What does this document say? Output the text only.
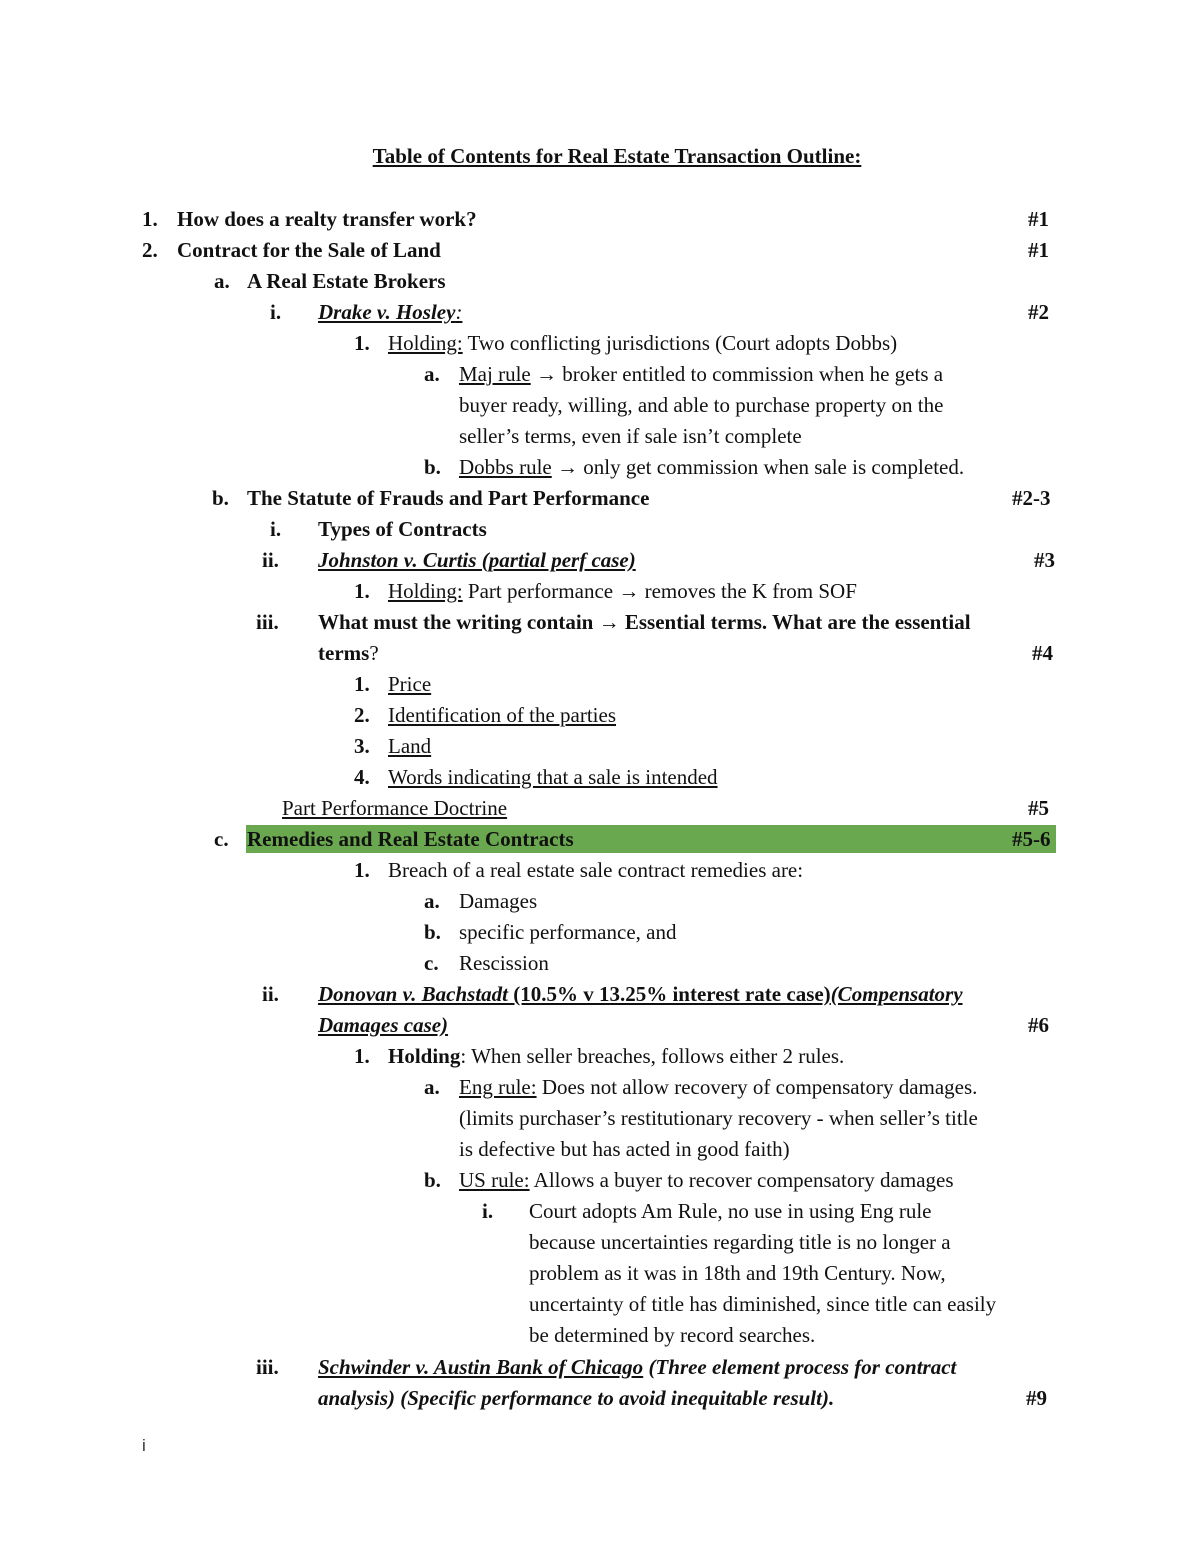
Table of Contents for Real Estate Transaction Outline:
1. How does a realty transfer work?	#1
2. Contract for the Sale of Land	#1
a. A Real Estate Brokers
i. Drake v. Hosley:	#2
1. Holding: Two conflicting jurisdictions (Court adopts Dobbs)
a. Maj rule → broker entitled to commission when he gets a
buyer ready, willing, and able to purchase property on the
seller’s terms, even if sale isn’t complete
b. Dobbs rule → only get commission when sale is completed.
b. The Statute of Frauds and Part Performance	#2-3
i. Types of Contracts
ii. Johnston v. Curtis (partial perf case)	#3
1. Holding: Part performance → removes the K from SOF
iii. What must the writing contain → Essential terms. What are the essential
terms?	#4
1. Price
2. Identification of the parties
3. Land
4. Words indicating that a sale is intended
Part Performance Doctrine	#5
c. Remedies and Real Estate Contracts	#5-6
1. Breach of a real estate sale contract remedies are:
a. Damages
b. specific performance, and
c. Rescission
ii. Donovan v. Bachstadt (10.5% v 13.25% interest rate case)(Compensatory
Damages case)	#6
1. Holding: When seller breaches, follows either 2 rules.
a. Eng rule: Does not allow recovery of compensatory damages.
(limits purchaser’s restitutionary recovery - when seller’s title
is defective but has acted in good faith)
b. US rule: Allows a buyer to recover compensatory damages
i. Court adopts Am Rule, no use in using Eng rule
because uncertainties regarding title is no longer a
problem as it was in 18th and 19th Century. Now,
uncertainty of title has diminished, since title can easily
be determined by record searches.
iii. Schwinder v. Austin Bank of Chicago (Three element process for contract
analysis) (Specific performance to avoid inequitable result).	#9
i
